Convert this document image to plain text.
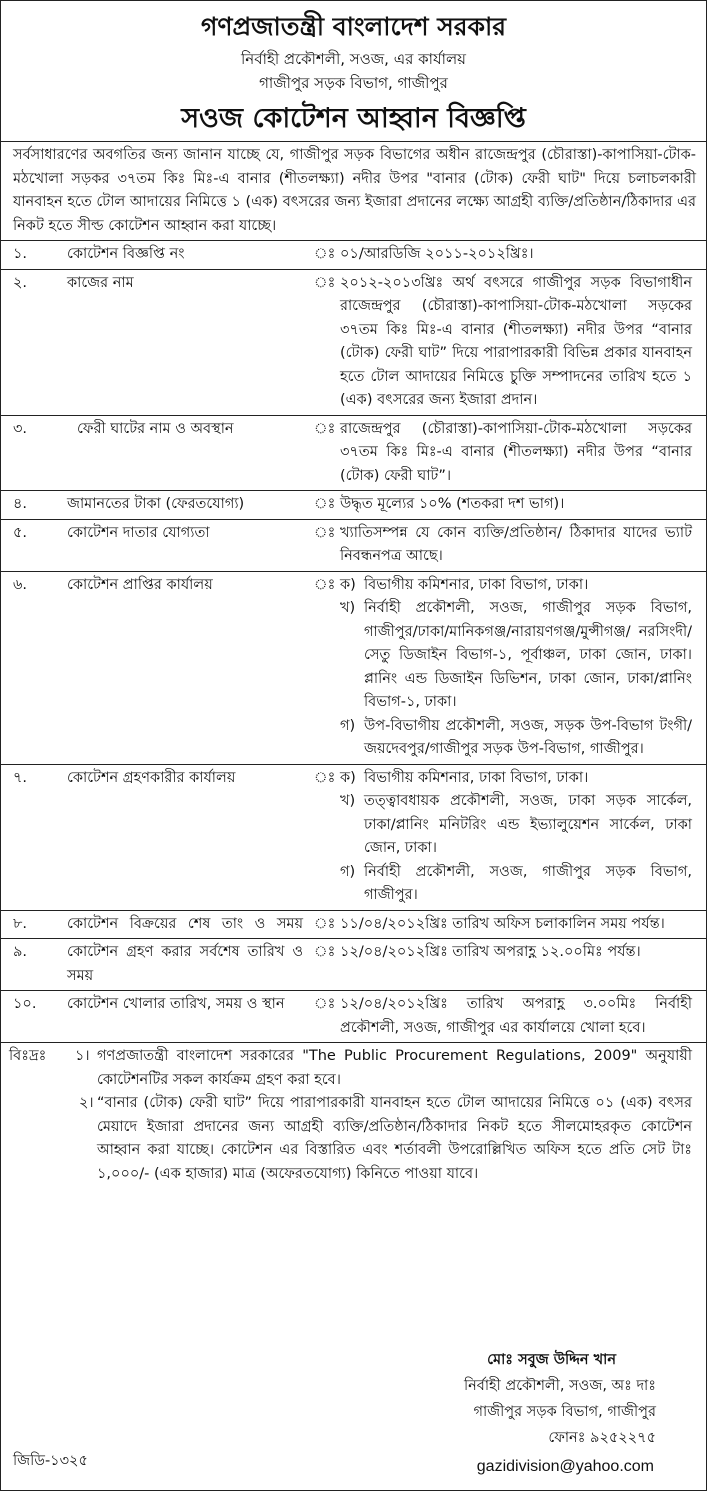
গণপ্রজাতন্ত্রী বাংলাদেশ সরকার
নির্বাহী প্রকৌশলী, সওজ, এর কার্যালয়
গাজীপুর সড়ক বিভাগ, গাজীপুর
সওজ কোটেশন আহ্বান বিজ্ঞপ্তি
সর্বসাধারণের অবগতির জন্য জানান যাচ্ছে যে, গাজীপুর সড়ক বিভাগের অধীন রাজেন্দ্রপুর (চৌরাস্তা)-কাপাসিয়া-টোক-মঠখোলা সড়কর ৩৭তম কিঃ মিঃ-এ বানার (শীতলক্ষ্যা) নদীর উপর "বানার (টোক) ফেরী ঘাট" দিয়ে চলাচলকারী যানবাহন হতে টোল আদায়ের নিমিত্তে ১ (এক) বৎসরের জন্য ইজারা প্রদানের লক্ষ্যে আগ্রহী ব্যক্তি/প্রতিষ্ঠান/ঠিকাদার এর নিকট হতে সীল্ড কোটেশন আহ্বান করা যাচ্ছে।
১.	কোটেশন বিজ্ঞপ্তি নং	ঃ ০১/আরডিজি ২০১১-২০১২খ্রিঃ।
২.	কাজের নাম	ঃ ২০১২-২০১৩খ্রিঃ অর্থ বৎসরে গাজীপুর সড়ক বিভাগাধীন রাজেন্দ্রপুর (চৌরাস্তা)-কাপাসিয়া-টোক-মঠখোলা সড়কের ৩৭তম কিঃ মিঃ-এ বানার (শীতলক্ষ্যা) নদীর উপর “বানার (টোক) ফেরী ঘাট” দিয়ে পারাপারকারী বিভিন্ন প্রকার যানবাহন হতে টোল আদায়ের নিমিত্তে চুক্তি সম্পাদনের তারিখ হতে ১ (এক) বৎসরের জন্য ইজারা প্রদান।
৩.	ফেরী ঘাটের নাম ও অবস্থান	ঃ রাজেন্দ্রপুর (চৌরাস্তা)-কাপাসিয়া-টোক-মঠখোলা সড়কের ৩৭তম কিঃ মিঃ-এ বানার (শীতলক্ষ্যা) নদীর উপর “বানার (টোক) ফেরী ঘাট”।
৪.	জামানতের টাকা (ফেরতযোগ্য)	ঃ উদ্ধৃত মূল্যের ১০% (শতকরা দশ ভাগ)।
৫.	কোটেশন দাতার যোগ্যতা	ঃ খ্যাতিসম্পন্ন যে কোন ব্যক্তি/প্রতিষ্ঠান/ ঠিকাদার যাদের ভ্যাট নিবন্ধনপত্র আছে।
৬.	কোটেশন প্রাপ্তির কার্যালয়	ঃ ক) বিভাগীয় কমিশনার, ঢাকা বিভাগ, ঢাকা।
খ) নির্বাহী প্রকৌশলী, সওজ, গাজীপুর সড়ক বিভাগ, গাজীপুর/ঢাকা/মানিকগঞ্জ/নারায়ণগঞ্জ/মুন্সীগঞ্জ/ নরসিংদী/সেতু ডিজাইন বিভাগ-১, পূর্বাঞ্চল, ঢাকা জোন, ঢাকা। প্লানিং এন্ড ডিজাইন ডিভিশন, ঢাকা জোন, ঢাকা/প্লানিং বিভাগ-১, ঢাকা।
গ) উপ-বিভাগীয় প্রকৌশলী, সওজ, সড়ক উপ-বিভাগ টংগী/জয়দেবপুর/গাজীপুর সড়ক উপ-বিভাগ, গাজীপুর।
৭.	কোটেশন গ্রহণকারীর কার্যালয়	ঃ ক) বিভাগীয় কমিশনার, ঢাকা বিভাগ, ঢাকা।
খ) তত্ত্বাবধায়ক প্রকৌশলী, সওজ, ঢাকা সড়ক সার্কেল, ঢাকা/প্লানিং মনিটরিং এন্ড ইভ্যালুয়েশন সার্কেল, ঢাকা জোন, ঢাকা।
গ) নির্বাহী প্রকৌশলী, সওজ, গাজীপুর সড়ক বিভাগ, গাজীপুর।
৮.	কোটেশন বিক্রয়ের শেষ তাং ও সময় ঃ ১১/০৪/২০১২খ্রিঃ তারিখ অফিস চলাকালিন সময় পর্যন্ত।
৯.	কোটেশন গ্রহণ করার সর্বশেষ তারিখ ও সময়
ঃ ১২/০৪/২০১২খ্রিঃ তারিখ অপরাহ্ণ ১২.০০মিঃ পর্যন্ত।
১০. কোটেশন খোলার তারিখ, সময় ও স্থান	ঃ ১২/০৪/২০১২খ্রিঃ তারিখ অপরাহ্ণ ৩.০০মিঃ নির্বাহী প্রকৌশলী, সওজ, গাজীপুর এর কার্যালয়ে খোলা হবে।
বিঃদ্রঃ ১। গণপ্রজাতন্ত্রী বাংলাদেশ সরকারের "The Public Procurement Regulations, 2009" অনুযায়ী কোটেশনটির সকল কার্যক্রম গ্রহণ করা হবে।
২। “বানার (টোক) ফেরী ঘাট” দিয়ে পারাপারকারী যানবাহন হতে টোল আদায়ের নিমিত্তে ০১ (এক) বৎসর মেয়াদে ইজারা প্রদানের জন্য আগ্রহী ব্যক্তি/প্রতিষ্ঠান/ঠিকাদার নিকট হতে সীলমোহরকৃত কোটেশন আহ্বান করা যাচ্ছে। কোটেশন এর বিস্তারিত এবং শর্তাবলী উপরোল্লিখিত অফিস হতে প্রতি সেট টাঃ ১,০০০/- (এক হাজার) মাত্র (অফেরতযোগ্য) কিনিতে পাওয়া যাবে।
মোঃ সবুজ উদ্দিন খান
নির্বাহী প্রকৌশলী, সওজ, অঃ দাঃ
গাজীপুর সড়ক বিভাগ, গাজীপুর
ফোনঃ ৯২৫২২৭৫
জিডি-১৩২৫	gazidivision@yahoo.com
